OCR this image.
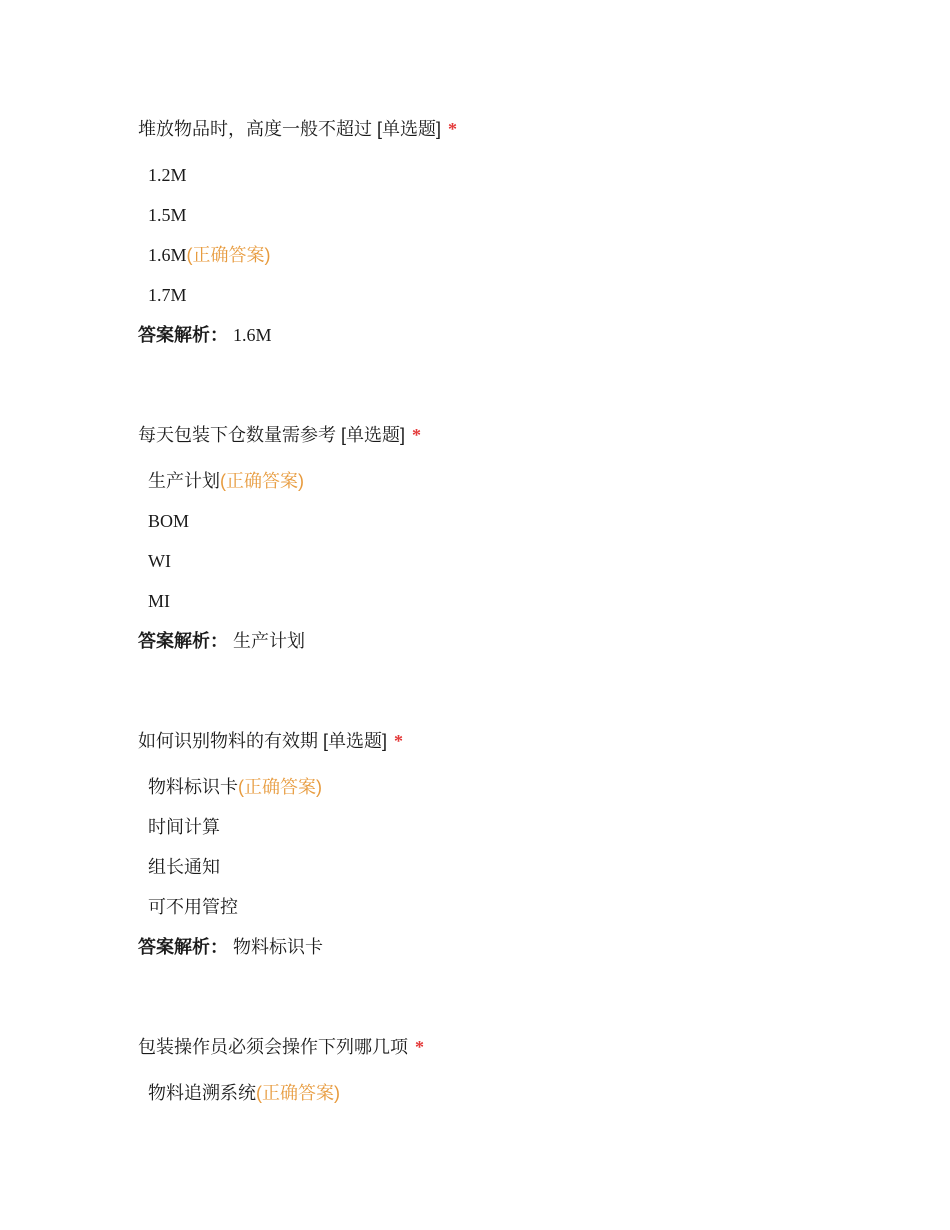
堆放物品时，高度一般不超过 [单选题] *
1.2M
1.5M
1.6M(正确答案)
1.7M
答案解析： 1.6M
每天包装下仓数量需参考 [单选题] *
生产计划(正确答案)
BOM
WI
MI
答案解析： 生产计划
如何识别物料的有效期 [单选题] *
物料标识卡(正确答案)
时间计算
组长通知
可不用管控
答案解析： 物料标识卡
包装操作员必须会操作下列哪几项 *
物料追溯系统(正确答案)
